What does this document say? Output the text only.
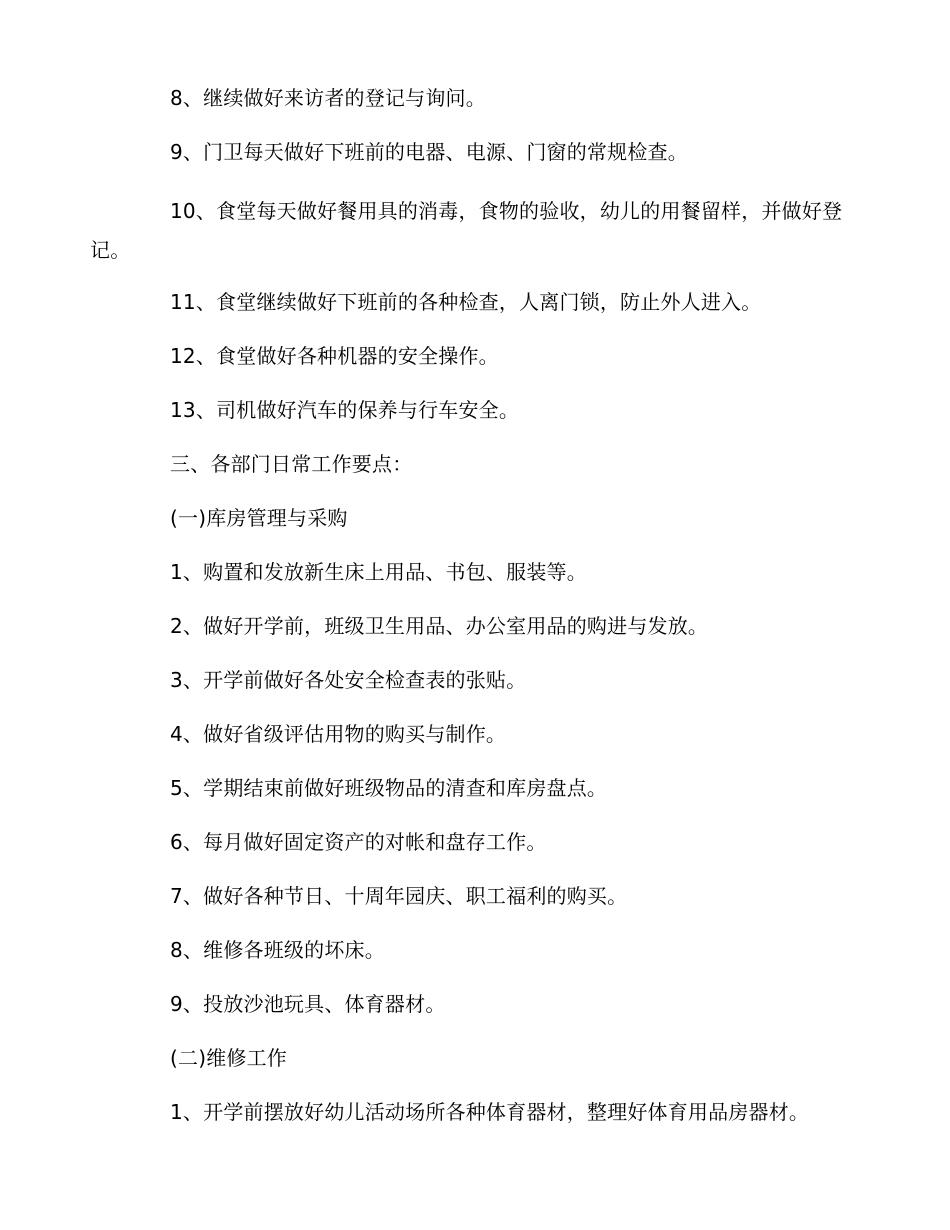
8、继续做好来访者的登记与询问。

9、门卫每天做好下班前的电器、电源、门窗的常规检查。

10、食堂每天做好餐用具的消毒，食物的验收，幼儿的用餐留样，并做好登记。

11、食堂继续做好下班前的各种检查，人离门锁，防止外人进入。

12、食堂做好各种机器的安全操作。

13、司机做好汽车的保养与行车安全。

三、各部门日常工作要点：

(一)库房管理与采购

1、购置和发放新生床上用品、书包、服装等。

2、做好开学前，班级卫生用品、办公室用品的购进与发放。

3、开学前做好各处安全检查表的张贴。

4、做好省级评估用物的购买与制作。

5、学期结束前做好班级物品的清查和库房盘点。

6、每月做好固定资产的对帐和盘存工作。

7、做好各种节日、十周年园庆、职工福利的购买。

8、维修各班级的坏床。

9、投放沙池玩具、体育器材。

(二)维修工作

1、开学前摆放好幼儿活动场所各种体育器材，整理好体育用品房器材。
